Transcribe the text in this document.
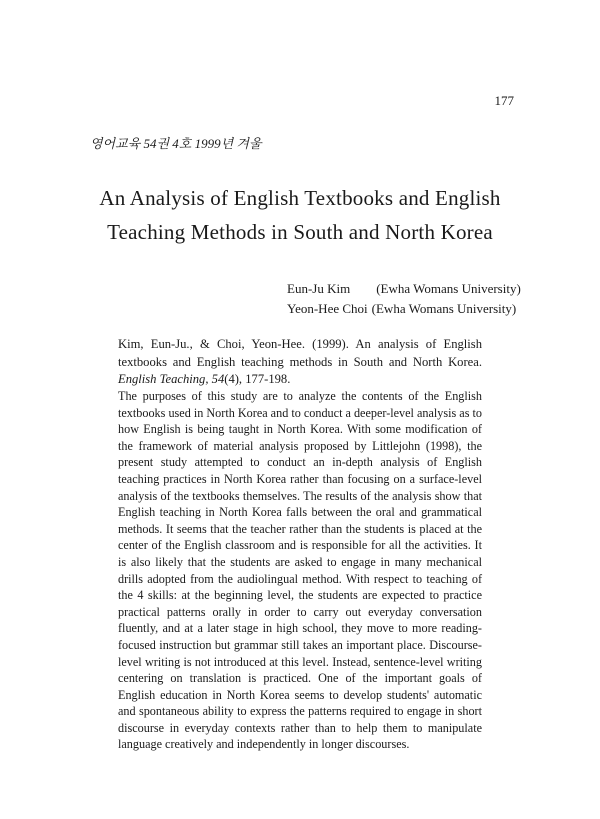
177
영어교육 54권 4호 1999년 겨울
An Analysis of English Textbooks and English
Teaching Methods in South and North Korea
Eun-Ju Kim (Ewha Womans University)
Yeon-Hee Choi (Ewha Womans University)
Kim, Eun-Ju., & Choi, Yeon-Hee. (1999). An analysis of English textbooks and English teaching methods in South and North Korea. English Teaching, 54(4), 177-198.
The purposes of this study are to analyze the contents of the English textbooks used in North Korea and to conduct a deeper-level analysis as to how English is being taught in North Korea. With some modification of the framework of material analysis proposed by Littlejohn (1998), the present study attempted to conduct an in-depth analysis of English teaching practices in North Korea rather than focusing on a surface-level analysis of the textbooks themselves. The results of the analysis show that English teaching in North Korea falls between the oral and grammatical methods. It seems that the teacher rather than the students is placed at the center of the English classroom and is responsible for all the activities. It is also likely that the students are asked to engage in many mechanical drills adopted from the audiolingual method. With respect to teaching of the 4 skills: at the beginning level, the students are expected to practice practical patterns orally in order to carry out everyday conversation fluently, and at a later stage in high school, they move to more reading-focused instruction but grammar still takes an important place. Discourse-level writing is not introduced at this level. Instead, sentence-level writing centering on translation is practiced. One of the important goals of English education in North Korea seems to develop students' automatic and spontaneous ability to express the patterns required to engage in short discourse in everyday contexts rather than to help them to manipulate language creatively and independently in longer discourses.
